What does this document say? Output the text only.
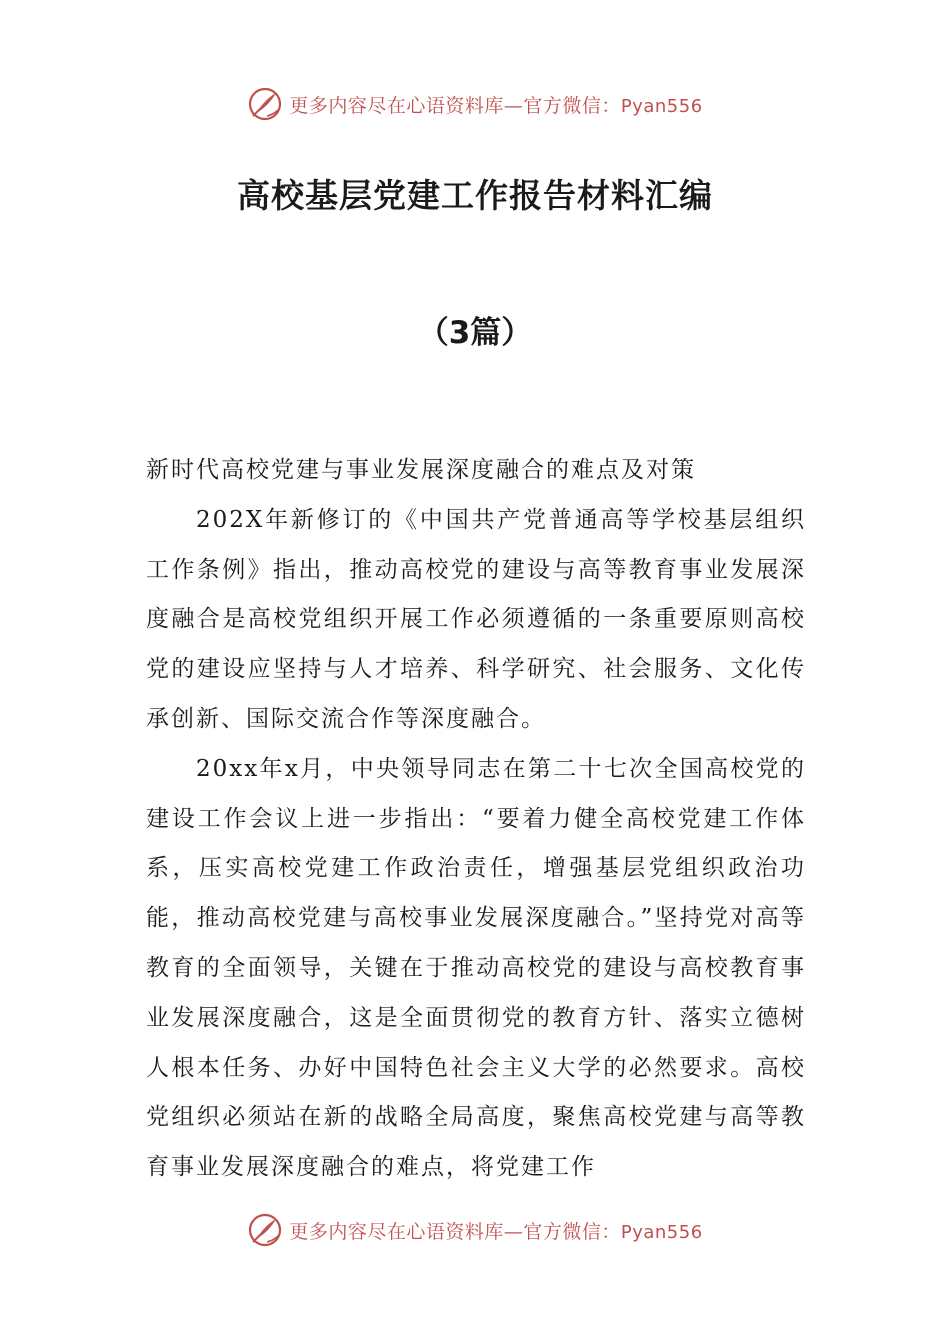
更多内容尽在心语资料库—官方微信：Pyan556
高校基层党建工作报告材料汇编
（3篇）

新时代高校党建与事业发展深度融合的难点及对策

202X年新修订的《中国共产党普通高等学校基层组织工作条例》指出，推动高校党的建设与高等教育事业发展深度融合是高校党组织开展工作必须遵循的一条重要原则高校党的建设应坚持与人才培养、科学研究、社会服务、文化传承创新、国际交流合作等深度融合。

20xx年x月，中央领导同志在第二十七次全国高校党的建设工作会议上进一步指出：“要着力健全高校党建工作体系，压实高校党建工作政治责任，增强基层党组织政治功能，推动高校党建与高校事业发展深度融合。”坚持党对高等教育的全面领导，关键在于推动高校党的建设与高校教育事业发展深度融合，这是全面贯彻党的教育方针、落实立德树人根本任务、办好中国特色社会主义大学的必然要求。高校党组织必须站在新的战略全局高度，聚焦高校党建与高等教育事业发展深度融合的难点，将党建工作

更多内容尽在心语资料库—官方微信：Pyan556
